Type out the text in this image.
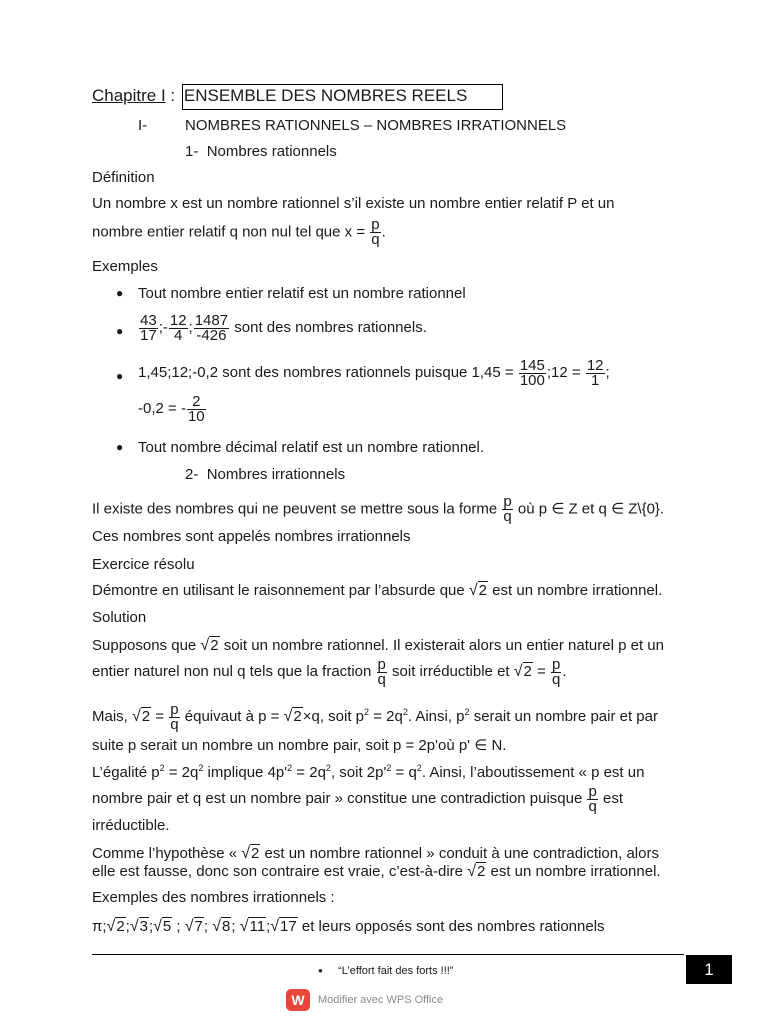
Chapitre I : ENSEMBLE DES NOMBRES REELS
I-	NOMBRES RATIONNELS – NOMBRES IRRATIONNELS
1- Nombres rationnels
Définition
Un nombre x est un nombre rationnel s’il existe un nombre entier relatif P et un
nombre entier relatif q non nul tel que $x = \frac{p}{q}$ .
Exemples
● Tout nombre entier relatif est un nombre rationnel
● $\frac{43}{17}$ ;- $\frac{12}{4}$ ; $\frac{1487}{-426}$ sont des nombres rationnels.
● 1,45;12;-0,2 sont des nombres rationnels puisque $1,45 = \frac{145}{100}$ ;12 = $\frac{12}{1}$ ;
-0,2 = - $\frac{2}{10}$
● Tout nombre décimal relatif est un nombre rationnel.
2- Nombres irrationnels
Il existe des nombres qui ne peuvent se mettre sous la forme $\frac{p}{q}$ où p ∈ Z et q ∈ Z\{0}.
Ces nombres sont appelés nombres irrationnels
Exercice résolu
Démontre en utilisant le raisonnement par l’absurde que √2 est un nombre irrationnel.
Solution
Supposons que √2 soit un nombre rationnel. Il existerait alors un entier naturel p et un
entier naturel non nul q tels que la fraction $\frac{p}{q}$ soit irréductible et $√2 = \frac{p}{q}$ .
Mais, $√2 = \frac{p}{q}$ équivaut à p = √2×q, soit $p^2 = 2q^2$. Ainsi, $p^2$ serait un nombre pair et par
suite p serait un nombre un nombre pair, soit p = 2p'où p' ∈ N.
L’égalité $p^2 = 2q^2$ implique $4p'^2 = 2q^2$, soit $2p'^2 = q^2$. Ainsi, l’aboutissement « p est un
nombre pair et q est un nombre pair » constitue une contradiction puisque $\frac{p}{q}$ est
irréductible.
Comme l’hypothèse « √2 est un nombre rationnel » conduit à une contradiction, alors
elle est fausse, donc son contraire est vraie, c’est-à-dire √2 est un nombre irrationnel.
Exemples des nombres irrationnels :
π;√2;√3;√5 ; √7; √8; √11;√17 et leurs opposés sont des nombres rationnels
● “L’effort fait des forts !!!”	1
W	Modifier avec WPS Office
